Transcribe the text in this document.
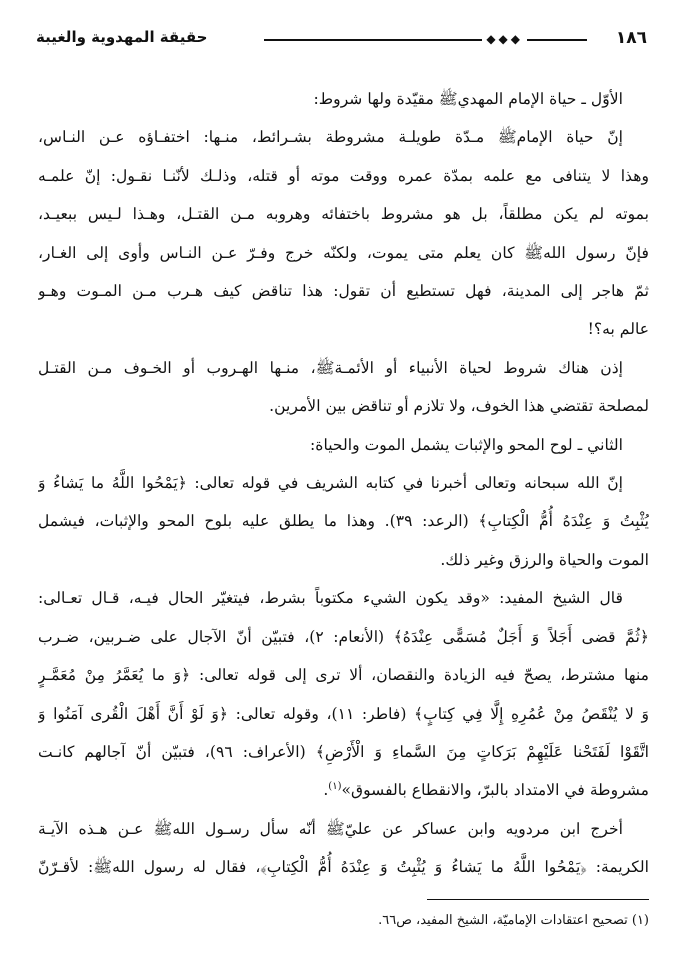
١٨٦
◆◆◆
حقيقة المهدوية والغيبة

الأوّل ـ حياة الإمام المهديﷺ مقيّدة ولها شروط:

إنّ حياة الإمامﷺ مـدّة طويلـة مشروطة بشـرائط، منـها: اختفـاؤه عـن النـاس،
وهذا لا يتنافى مع علمه بمدّة عمره ووقت موته أو قتله، وذلـك لأنّنـا نقـول: إنّ علمـه
بموته لم يكن مطلقاً، بل هو مشروط باختفائه وهروبه مـن القتـل، وهـذا لـيس ببعيـد،
فإنّ رسول اللهﷺ كان يعلم متى يموت، ولكنّه خرج وفـرّ عـن النـاس وأوى إلى الغـار،
ثمّ هاجر إلى المدينة، فهل تستطيع أن تقول: هذا تناقض كيف هـرب مـن المـوت وهـو
عالم به؟!

إذن هناك شروط لحياة الأنبياء أو الأئمـةﷺ، منـها الهـروب أو الخـوف مـن القتـل
لمصلحة تقتضي هذا الخوف، ولا تلازم أو تناقض بين الأمرين.

الثاني ـ لوح المحو والإثبات يشمل الموت والحياة:

إنّ الله سبحانه وتعالى أخبرنا في كتابه الشريف في قوله تعالى: ﴿يَمْحُوا اللَّهُ ما يَشاءُ وَ
يُثْبِتُ وَ عِنْدَهُ أُمُّ الْكِتابِ﴾ (الرعد: ٣٩). وهذا ما يطلق عليه بلوح المحو والإثبات، فيشمل
الموت والحياة والرزق وغير ذلك.

قال الشيخ المفيد: «وقد يكون الشيء مكتوباً بشرط، فيتغيّر الحال فيـه، قـال تعـالى:
﴿ثُمَّ قضى أَجَلاً وَ أَجَلٌ مُسَمًّى عِنْدَهُ﴾ (الأنعام: ٢)، فتبيّن أنّ الآجال على ضـربين، ضـرب
منها مشترط، يصحّ فيه الزيادة والنقصان، ألا ترى إلى قوله تعالى: ﴿وَ ما يُعَمَّرُ مِنْ مُعَمَّـرٍ
وَ لا يُنْقَصُ مِنْ عُمُرِهِ إِلَّا فِي كِتابٍ﴾ (فاطر: ١١)، وقوله تعالى: ﴿وَ لَوْ أَنَّ أَهْلَ الْقُرى آمَنُوا وَ
اتَّقَوْا لَفَتَحْنا عَلَيْهِمْ بَرَكاتٍ مِنَ السَّماءِ وَ الْأَرْضِ﴾ (الأعراف: ٩٦)، فتبيّن أنّ آجالهم كانـت
مشروطة في الامتداد بالبرّ، والانقطاع بالفسوق»$^{(١)}$.

أخرج ابن مردويه وابن عساكر عن عليّﷺ أنّه سأل رسـول اللهﷺ عـن هـذه الآيـة
الكريمة: ﴿يَمْحُوا اللَّهُ ما يَشاءُ وَ يُثْبِتُ وَ عِنْدَهُ أُمُّ الْكِتابِ﴾، فقال له رسول اللهﷺ: لأقـرّنّ

(١) تصحيح اعتقادات الإماميّة، الشيخ المفيد، ص٦٦.
